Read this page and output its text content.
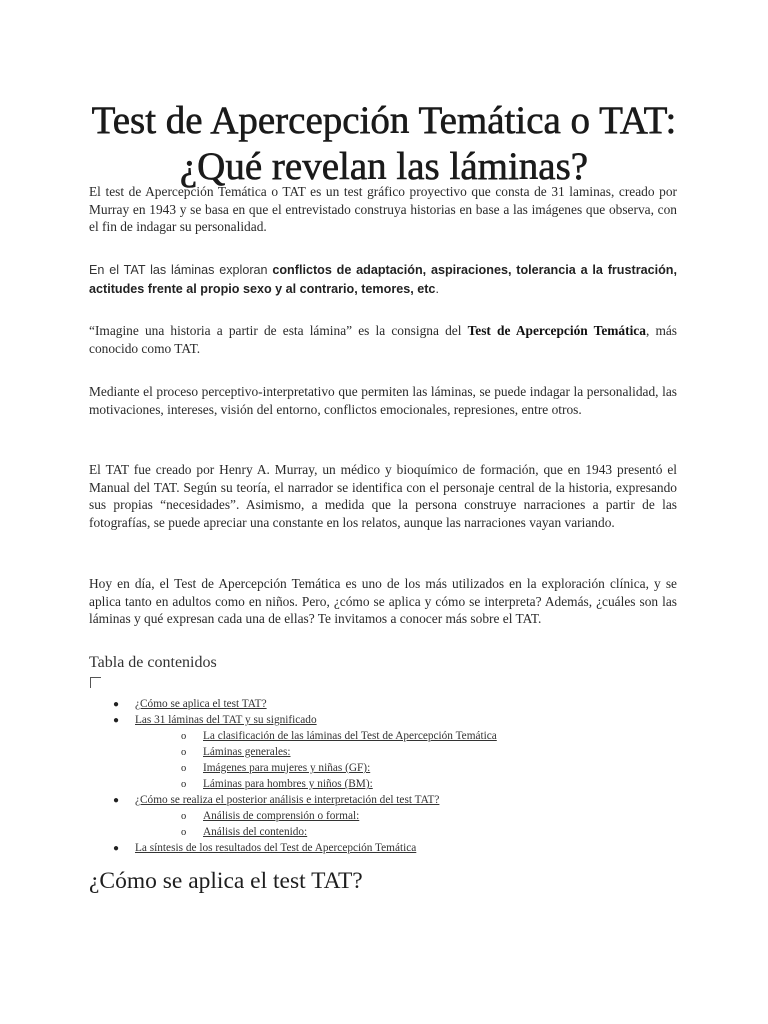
Test de Apercepción Temática o TAT: ¿Qué revelan las láminas?

El test de Apercepción Temática o TAT es un test gráfico proyectivo que consta de 31 laminas, creado por Murray en 1943 y se basa en que el entrevistado construya historias en base a las imágenes que observa, con el fin de indagar su personalidad.

En el TAT las láminas exploran conflictos de adaptación, aspiraciones, tolerancia a la frustración, actitudes frente al propio sexo y al contrario, temores, etc.

“Imagine una historia a partir de esta lámina” es la consigna del Test de Apercepción Temática, más conocido como TAT.

Mediante el proceso perceptivo-interpretativo que permiten las láminas, se puede indagar la personalidad, las motivaciones, intereses, visión del entorno, conflictos emocionales, represiones, entre otros.

El TAT fue creado por Henry A. Murray, un médico y bioquímico de formación, que en 1943 presentó el Manual del TAT. Según su teoría, el narrador se identifica con el personaje central de la historia, expresando sus propias “necesidades”. Asimismo, a medida que la persona construye narraciones a partir de las fotografías, se puede apreciar una constante en los relatos, aunque las narraciones vayan variando.

Hoy en día, el Test de Apercepción Temática es uno de los más utilizados en la exploración clínica, y se aplica tanto en adultos como en niños. Pero, ¿cómo se aplica y cómo se interpreta? Además, ¿cuáles son las láminas y qué expresan cada una de ellas? Te invitamos a conocer más sobre el TAT.

Tabla de contenidos
● ¿Cómo se aplica el test TAT?
● Las 31 láminas del TAT y su significado
o La clasificación de las láminas del Test de Apercepción Temática
o Láminas generales:
o Imágenes para mujeres y niñas (GF):
o Láminas para hombres y niños (BM):
● ¿Cómo se realiza el posterior análisis e interpretación del test TAT?
o Análisis de comprensión o formal:
o Análisis del contenido:
● La síntesis de los resultados del Test de Apercepción Temática
¿Cómo se aplica el test TAT?
